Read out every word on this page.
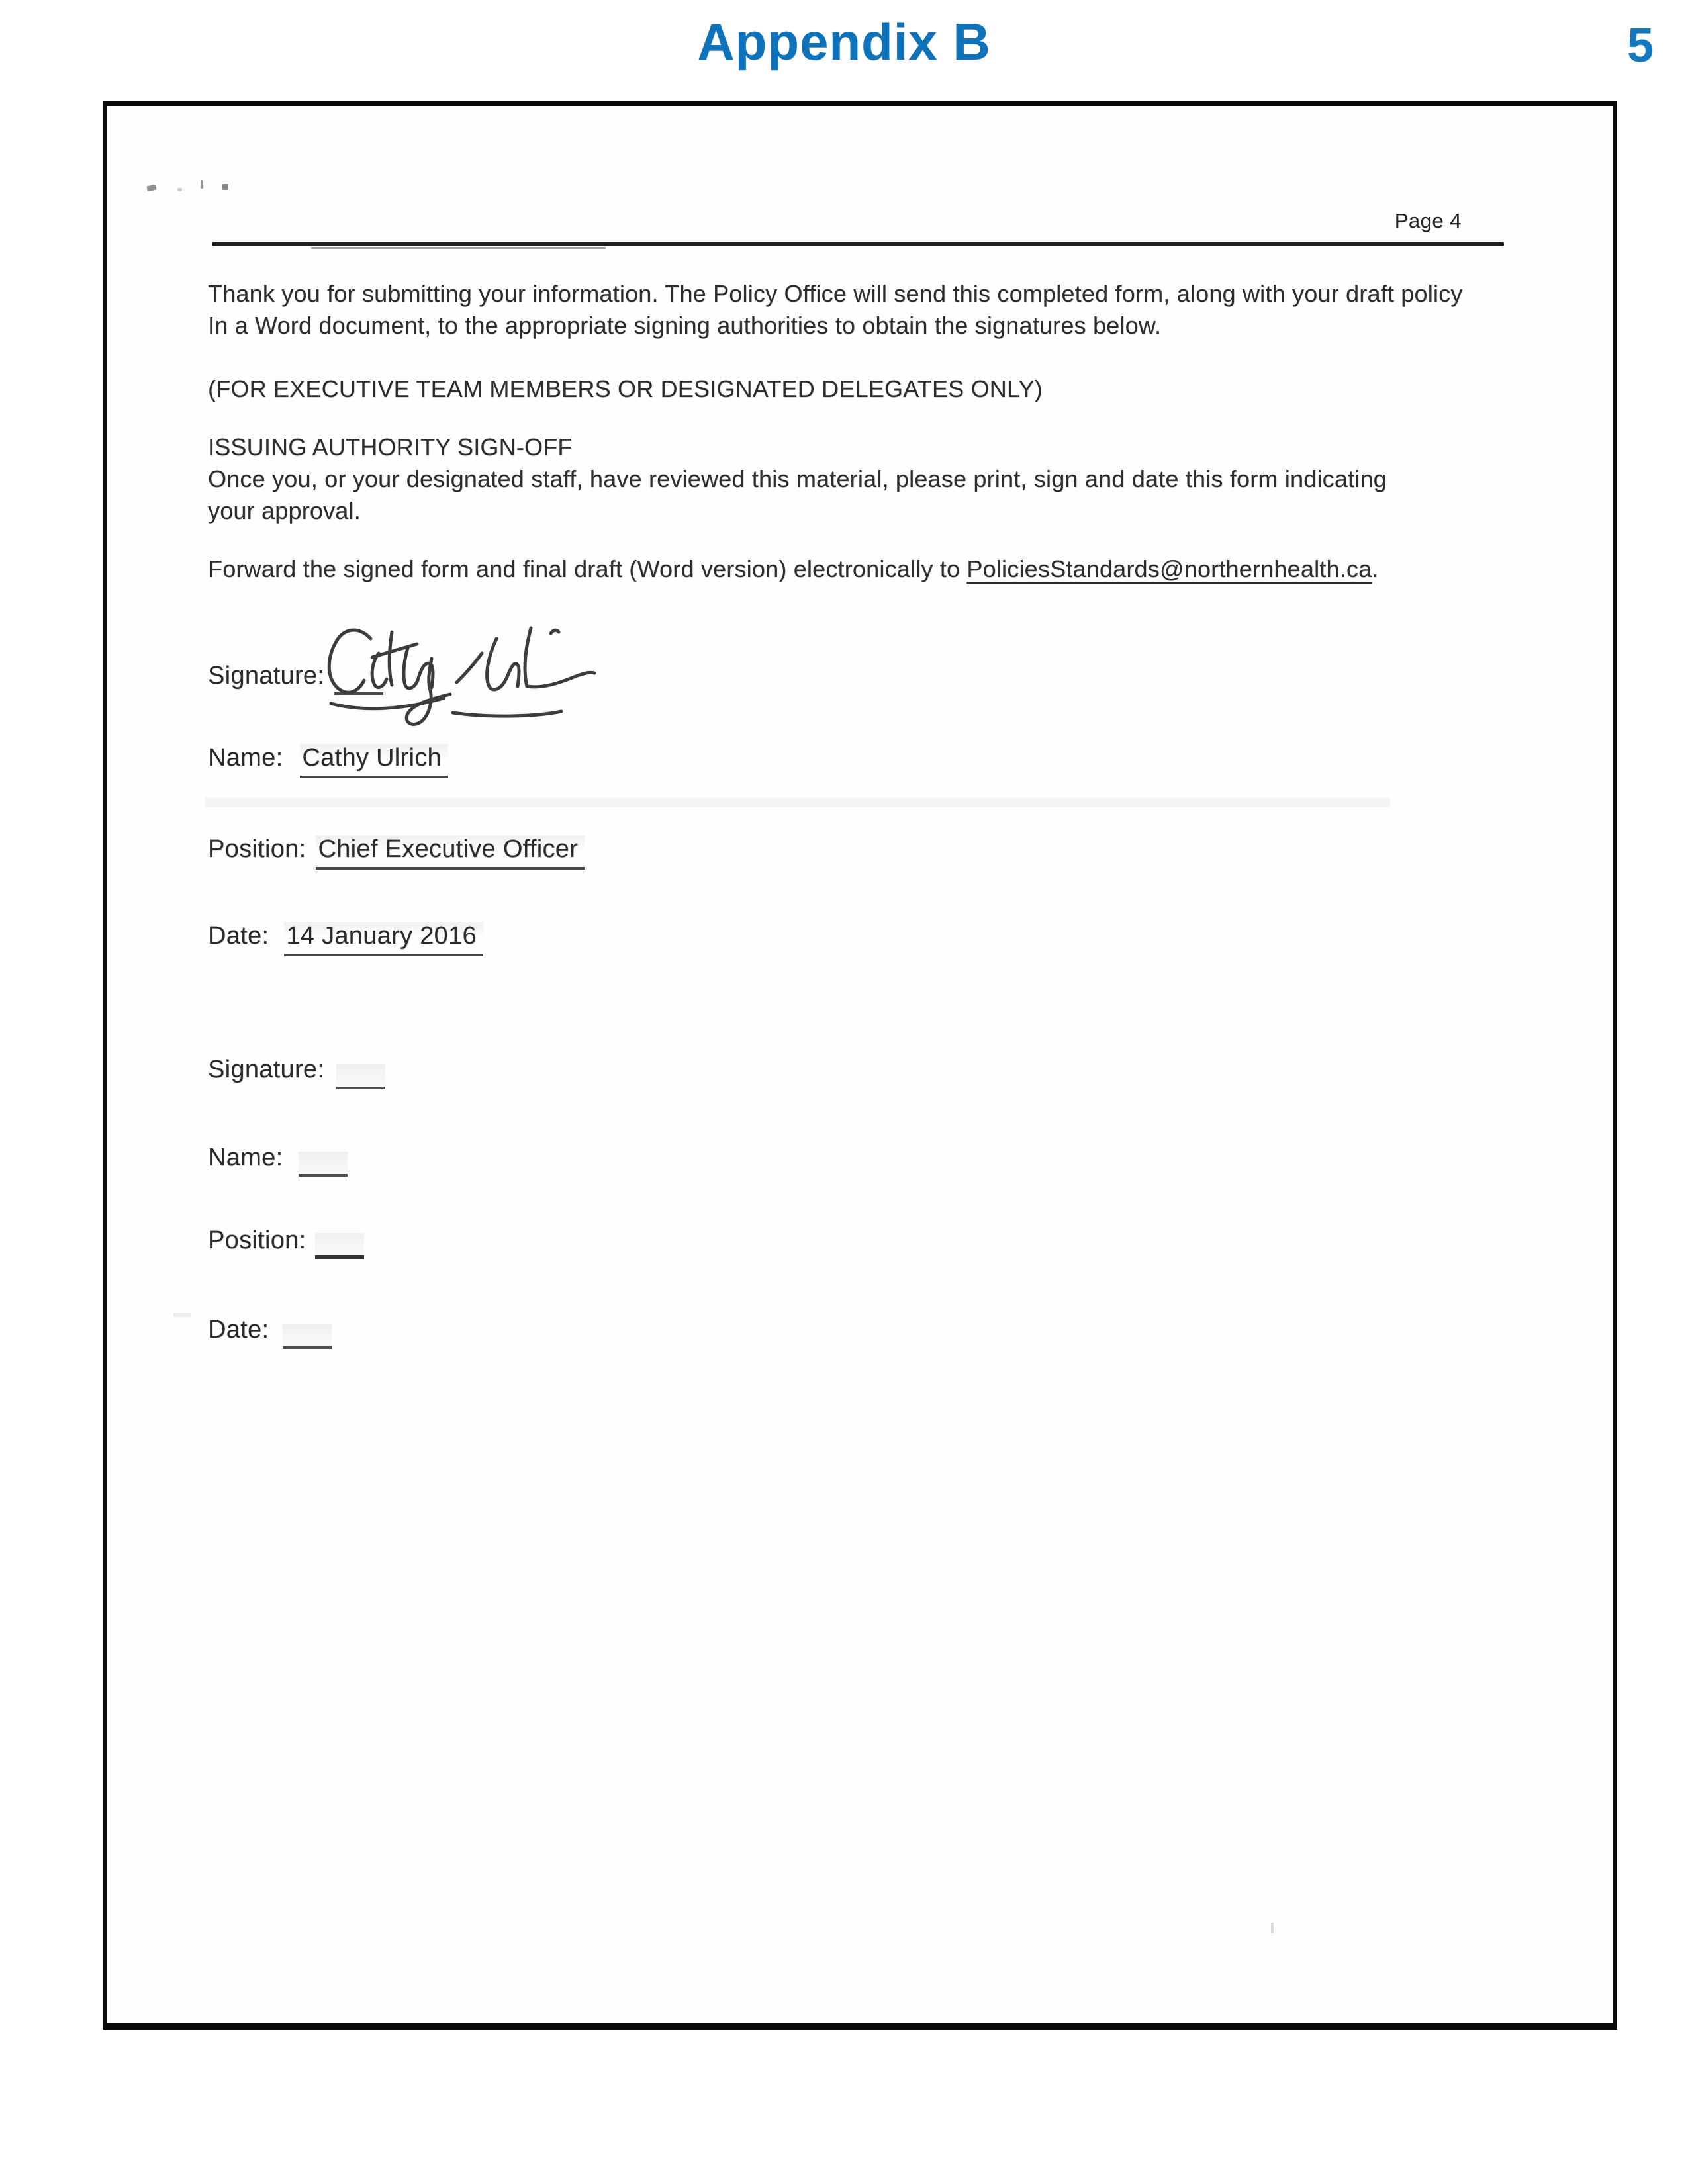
Appendix B	5
Page 4
Thank you for submitting your information. The Policy Office will send this completed form, along with your draft policy In a Word document, to the appropriate signing authorities to obtain the signatures below.
(FOR EXECUTIVE TEAM MEMBERS OR DESIGNATED DELEGATES ONLY)
ISSUING AUTHORITY SIGN-OFF
Once you, or your designated staff, have reviewed this material, please print, sign and date this form indicating your approval.
Forward the signed form and final draft (Word version) electronically to PoliciesStandards@northernhealth.ca.
Signature:
Name: Cathy Ulrich
Position: Chief Executive Officer
Date: 14 January 2016
Signature:
Name:
Position:
Date:
